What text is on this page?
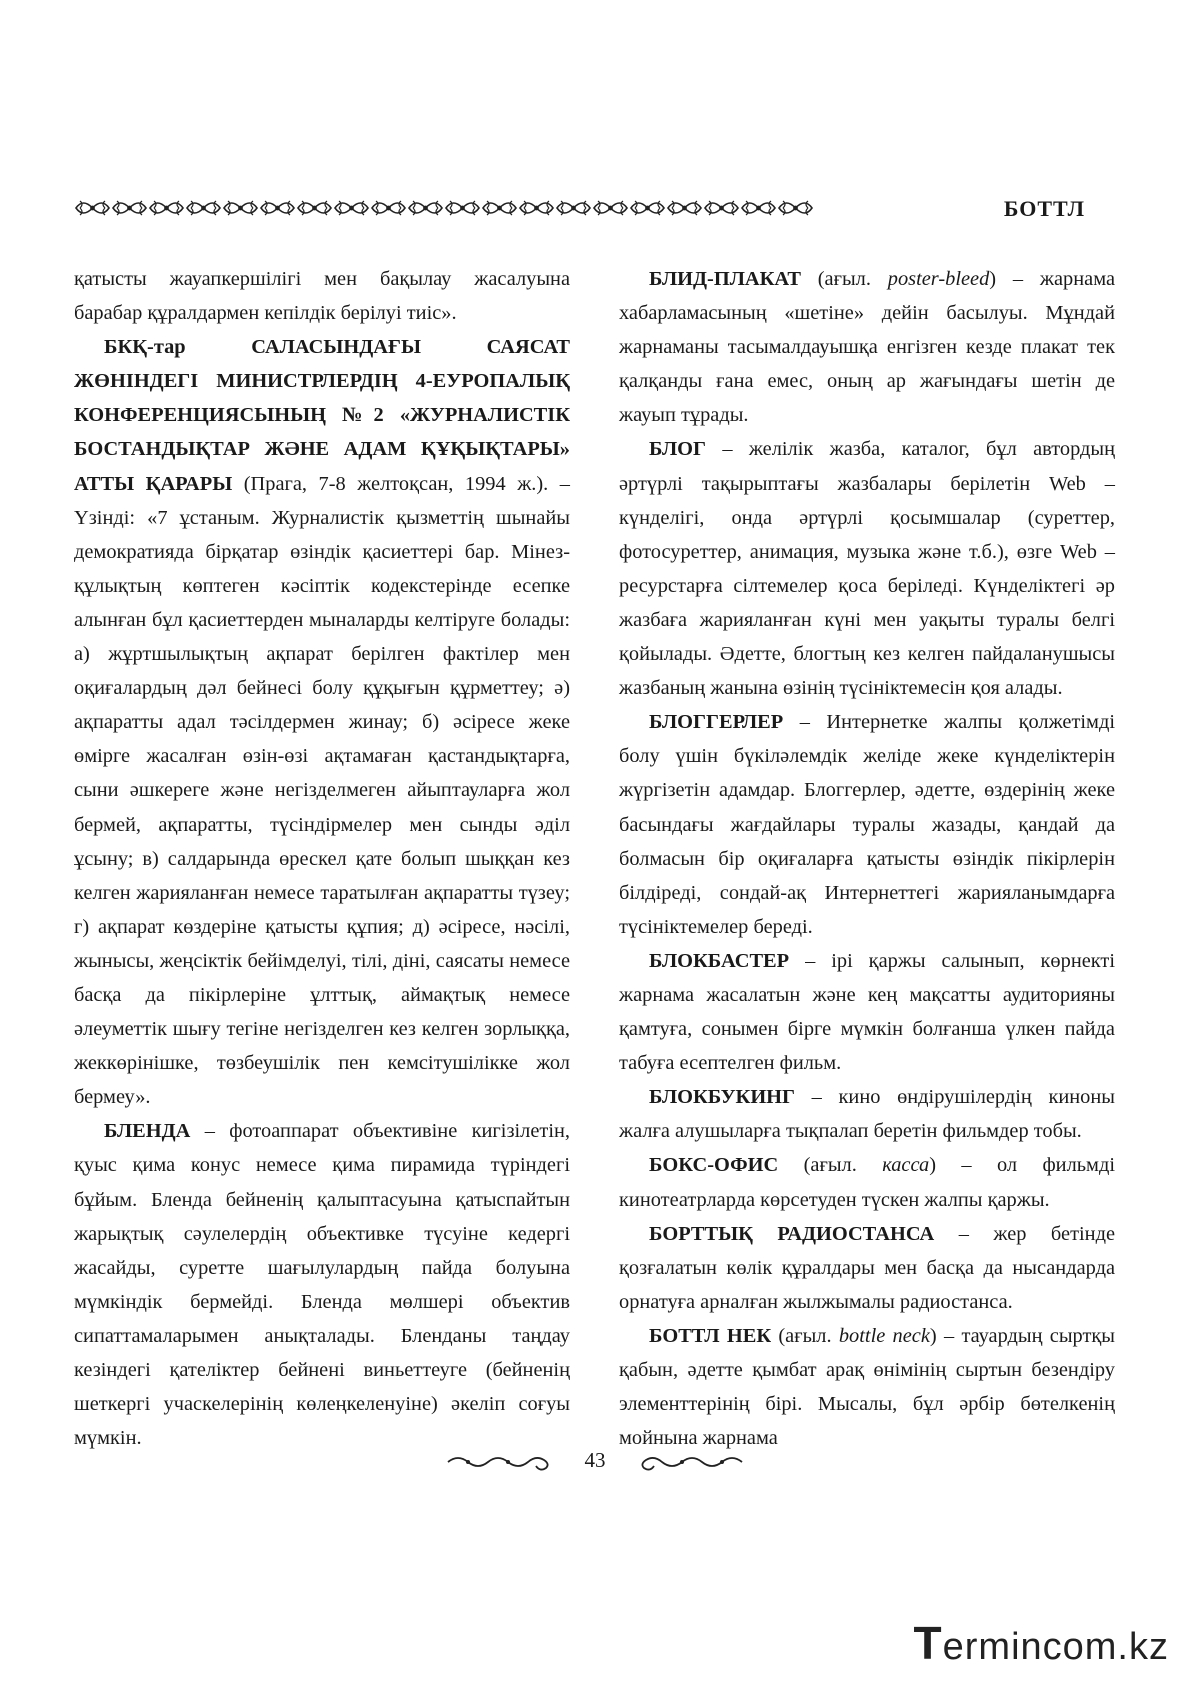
БОТТЛ

қатысты жауапкершілігі мен бақылау жасалуына барабар құралдармен кепілдік берілуі тиіс».

БКҚ-тар САЛАСЫНДАҒЫ САЯСАТ ЖӨНІНДЕГІ МИНИСТРЛЕРДІҢ 4-ЕУРОПАЛЫҚ КОНФЕРЕНЦИЯСЫНЫҢ №2 «ЖУРНАЛИСТІК БОСТАНДЫҚТАР ЖӘНЕ АДАМ ҚҰҚЫҚТАРЫ» АТТЫ ҚАРАРЫ (Прага, 7-8 желтоқсан, 1994 ж.). – Үзінді: «7 ұстаным. Журналистік қызметтің шынайы демократияда бірқатар өзіндік қасиеттері бар. Мінез-құлықтың көптеген кәсіптік кодекстерінде есепке алынған бұл қасиеттерден мыналарды келтіруге болады: а) жұртшылықтың ақпарат берілген фактілер мен оқиғалардың дәл бейнесі болу құқығын құрметтеу; ә) ақпаратты адал тәсілдермен жинау; б) әсіресе жеке өмірге жасалған өзін-өзі ақтамаған қастандықтарға, сыни әшкереге және негізделмеген айыптауларға жол бермей, ақпаратты, түсіндірмелер мен сынды әділ ұсыну; в) салдарында өрескел қате болып шыққан кез келген жарияланған немесе таратылған ақпаратты түзеу; г) ақпарат көздеріне қатысты құпия; д) әсіресе, нәсілі, жынысы, жеңсіктік бейімделуі, тілі, діні, саясаты немесе басқа да пікірлеріне ұлттық, аймақтық немесе әлеуметтік шығу тегіне негізделген кез келген зорлыққа, жеккөрінішке, төзбеушілік пен кемсітушілікке жол бермеу».

БЛЕНДА – фотоаппарат объективіне кигізілетін, қуыс қима конус немесе қима пирамида түріндегі бұйым. Бленда бейненің қалыптасуына қатыспайтын жарықтық сәулелердің объективке түсуіне кедергі жасайды, суретте шағылулардың пайда болуына мүмкіндік бермейді. Бленда мөлшері объектив сипаттамаларымен анықталады. Бленданы таңдау кезіндегі қателіктер бейнені виньеттеуге (бейненің шеткергі учаскелерінің көлеңкеленуіне) әкеліп соғуы мүмкін.

БЛИД-ПЛАКАТ (ағыл. poster-bleed) – жарнама хабарламасының «шетіне» дейін басылуы. Мұндай жарнаманы тасымалдауышқа енгізген кезде плакат тек қалқанды ғана емес, оның ар жағындағы шетін де жауып тұрады.

БЛОГ – желілік жазба, каталог, бұл автордың әртүрлі тақырыптағы жазбалары берілетін Web – күнделігі, онда әртүрлі қосымшалар (суреттер, фотосуреттер, анимация, музыка және т.б.), өзге Web – ресурстарға сілтемелер қоса беріледі. Күнделіктегі әр жазбаға жарияланған күні мен уақыты туралы белгі қойылады. Әдетте, блогтың кез келген пайдаланушысы жазбаның жанына өзінің түсініктемесін қоя алады.

БЛОГГЕРЛЕР – Интернетке жалпы қолжетімді болу үшін бүкіләлемдік желіде жеке күнделіктерін жүргізетін адамдар. Блоггерлер, әдетте, өздерінің жеке басындағы жағдайлары туралы жазады, қандай да болмасын бір оқиғаларға қатысты өзіндік пікірлерін білдіреді, сондай-ақ Интернеттегі жарияланымдарға түсініктемелер береді.

БЛОКБАСТЕР – ірі қаржы салынып, көрнекті жарнама жасалатын және кең мақсатты аудиторияны қамтуға, сонымен бірге мүмкін болғанша үлкен пайда табуға есептелген фильм.

БЛОКБУКИНГ – кино өндірушілердің киноны жалға алушыларға тықпалап беретін фильмдер тобы.

БОКС-ОФИС (ағыл. касса) – ол фильмді кинотеатрларда көрсетуден түскен жалпы қаржы.

БОРТТЫҚ РАДИОСТАНСА – жер бетінде қозғалатын көлік құралдары мен басқа да нысандарда орнатуға арналған жылжымалы радиостанса.

БОТТЛ НЕК (ағыл. bottle neck) – тауардың сыртқы қабын, әдетте қымбат арақ өнімінің сыртын безендіру элементтерінің бірі. Мысалы, бұл әрбір бөтелкенің мойнына жарнама

43
Termincom.kz
